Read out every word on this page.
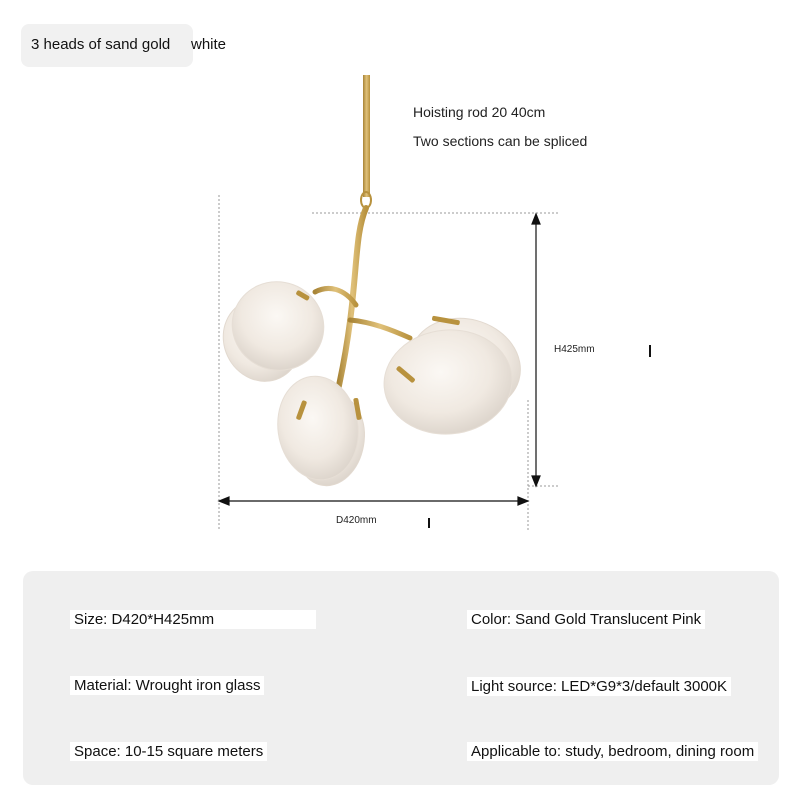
3 heads of sand gold white
Hoisting rod 20 40cm
Two sections can be spliced
H425mm
D420mm
Size: D420*H425mm	Color: Sand Gold Translucent Pink
Material: Wrought iron glass	Light source: LED*G9*3/default 3000K
Space: 10-15 square meters	Applicable to: study, bedroom, dining room
